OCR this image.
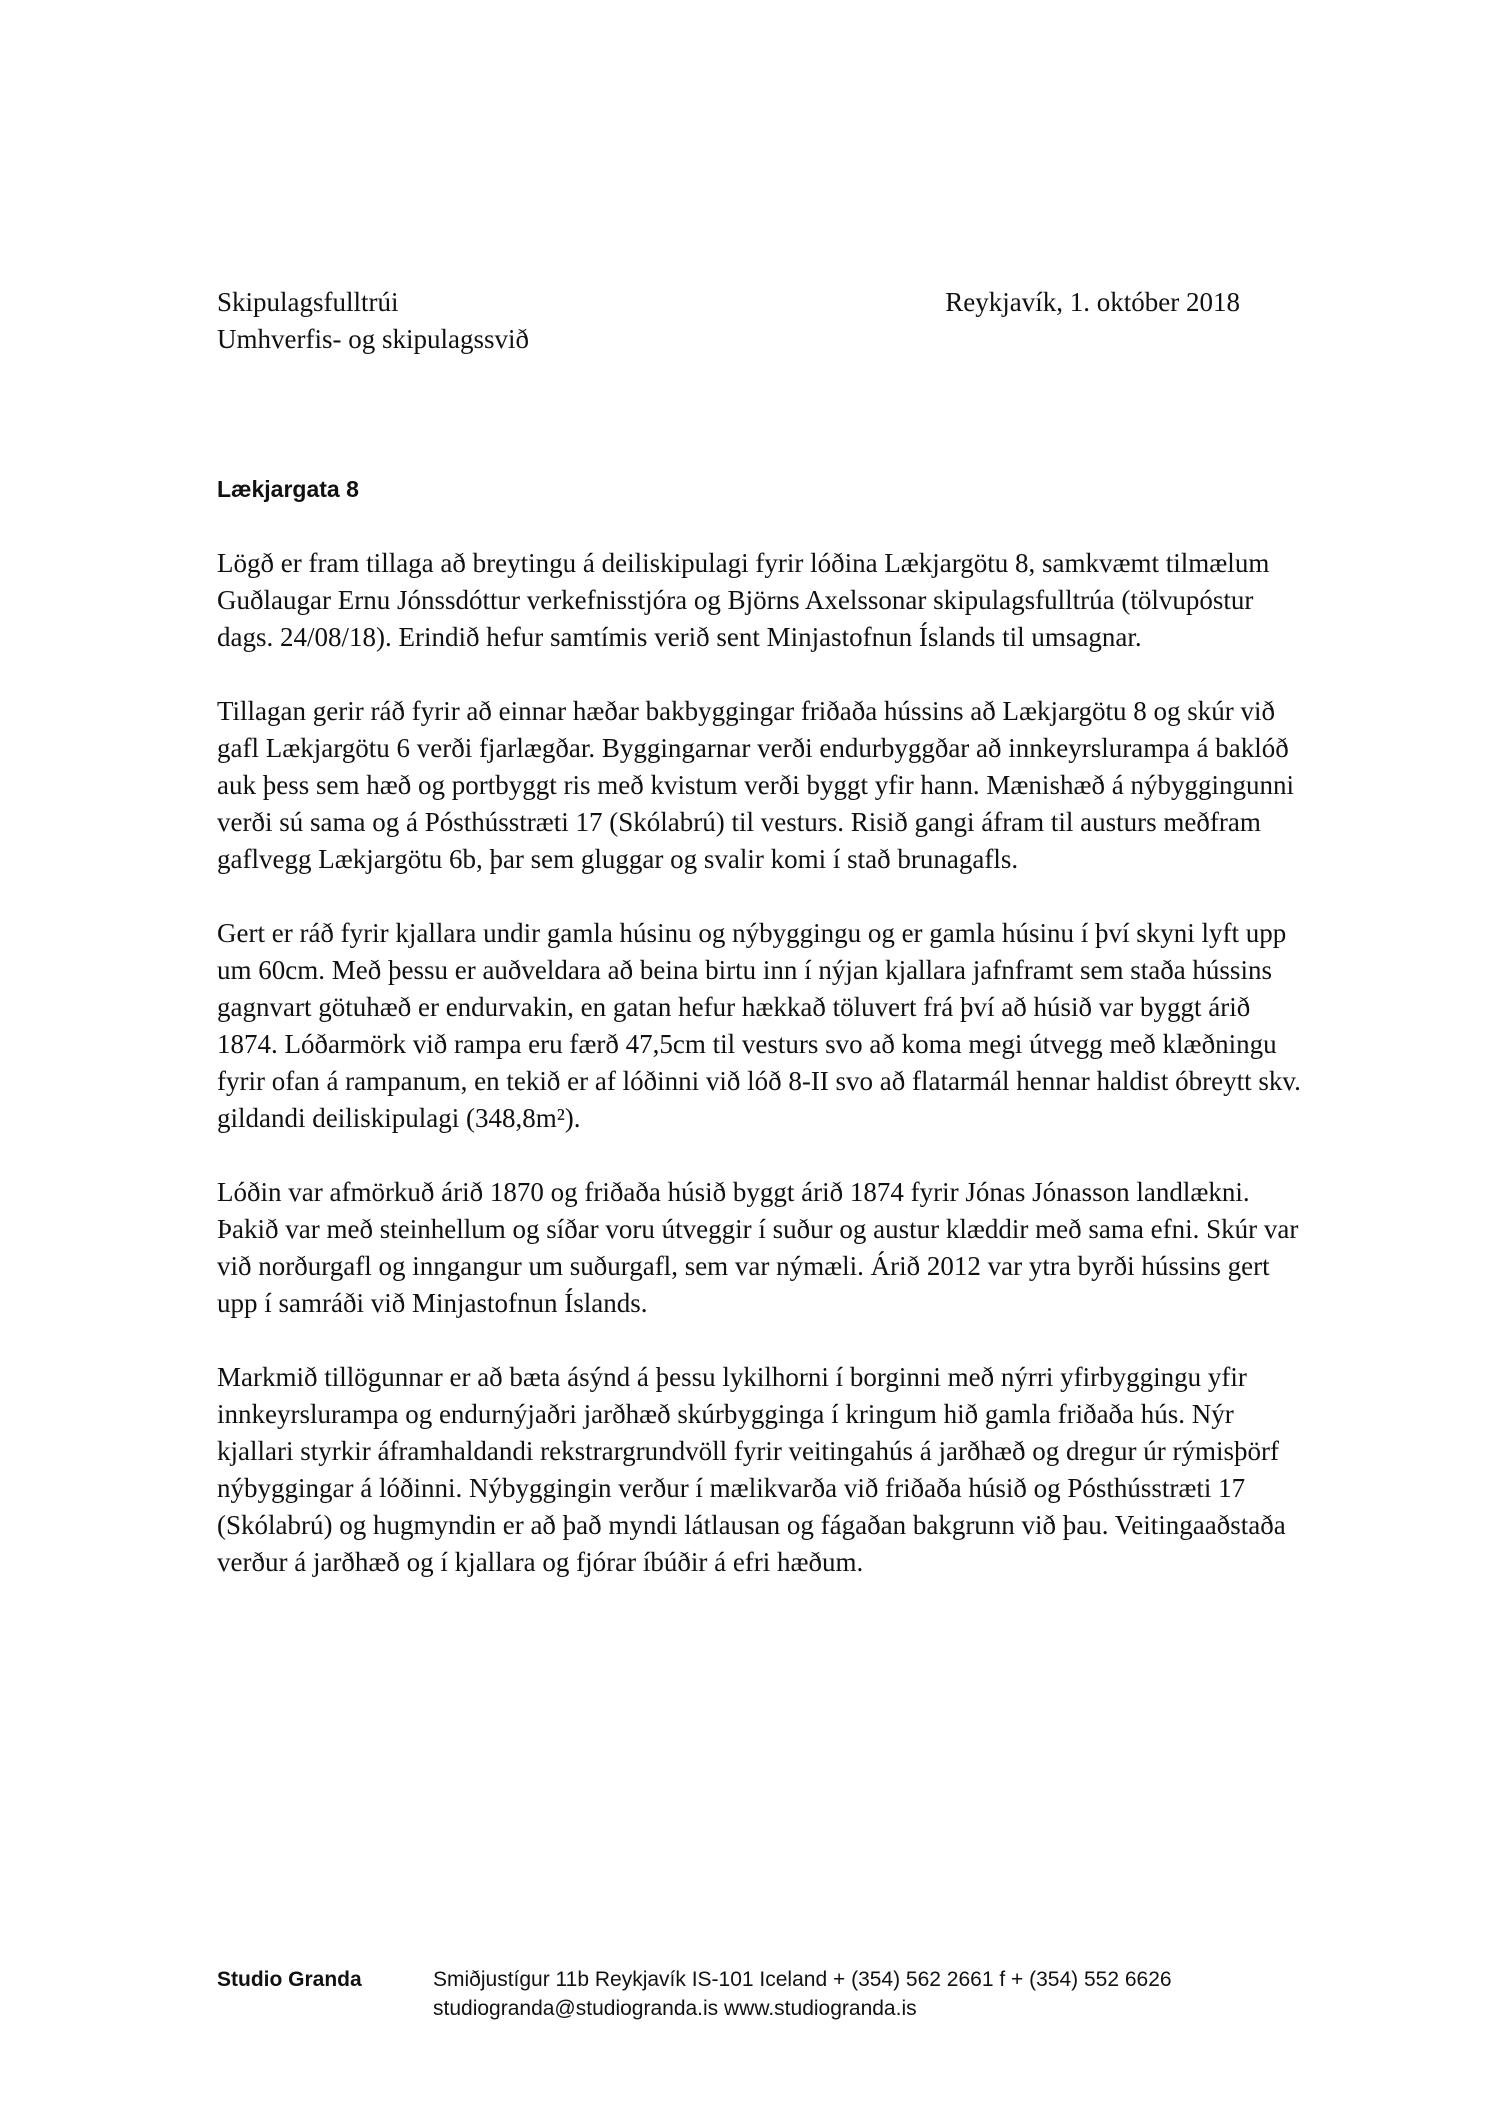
Skipulagsfulltrúi
Umhverfis- og skipulagssvið
Reykjavík, 1. október 2018
Lækjargata 8

Lögð er fram tillaga að breytingu á deiliskipulagi fyrir lóðina Lækjargötu 8, samkvæmt tilmælum Guðlaugar Ernu Jónssdóttur verkefnisstjóra og Björns Axelssonar skipulagsfulltrúa (tölvupóstur dags. 24/08/18). Erindið hefur samtímis verið sent Minjastofnun Íslands til umsagnar.

Tillagan gerir ráð fyrir að einnar hæðar bakbyggingar friðaða hússins að Lækjargötu 8 og skúr við gafl Lækjargötu 6 verði fjarlægðar. Byggingarnar verði endurbyggðar að innkeyrslurampa á baklóð auk þess sem hæð og portbyggt ris með kvistum verði byggt yfir hann. Mænishæð á nýbyggingunni verði sú sama og á Pósthússtræti 17 (Skólabrú) til vesturs. Risið gangi áfram til austurs meðfram gaflvegg Lækjargötu 6b, þar sem gluggar og svalir komi í stað brunagafls.

Gert er ráð fyrir kjallara undir gamla húsinu og nýbyggingu og er gamla húsinu í því skyni lyft upp um 60cm. Með þessu er auðveldara að beina birtu inn í nýjan kjallara jafnframt sem staða hússins gagnvart götuhæð er endurvakin, en gatan hefur hækkað töluvert frá því að húsið var byggt árið 1874. Lóðarmörk við rampa eru færð 47,5cm til vesturs svo að koma megi útvegg með klæðningu fyrir ofan á rampanum, en tekið er af lóðinni við lóð 8-II svo að flatarmál hennar haldist óbreytt skv. gildandi deiliskipulagi (348,8m²).

Lóðin var afmörkuð árið 1870 og friðaða húsið byggt árið 1874 fyrir Jónas Jónasson landlækni. Þakið var með steinhellum og síðar voru útveggir í suður og austur klæddir með sama efni. Skúr var við norðurgafl og inngangur um suðurgafl, sem var nýmæli. Árið 2012 var ytra byrði hússins gert upp í samráði við Minjastofnun Íslands.

Markmið tillögunnar er að bæta ásýnd á þessu lykilhorni í borginni með nýrri yfirbyggingu yfir innkeyrslurampa og endurnýjaðri jarðhæð skúrbygginga í kringum hið gamla friðaða hús. Nýr kjallari styrkir áframhaldandi rekstrargrundvöll fyrir veitingahús á jarðhæð og dregur úr rýmisþörf nýbyggingar á lóðinni. Nýbyggingin verður í mælikvarða við friðaða húsið og Pósthússtræti 17 (Skólabrú) og hugmyndin er að það myndi látlausan og fágaðan bakgrunn við þau. Veitingaaðstaða verður á jarðhæð og í kjallara og fjórar íbúðir á efri hæðum.

Studio Granda	Smiðjustígur 11b Reykjavík IS-101 Iceland + (354) 562 2661 f + (354) 552 6626
studiogranda@studiogranda.is www.studiogranda.is
